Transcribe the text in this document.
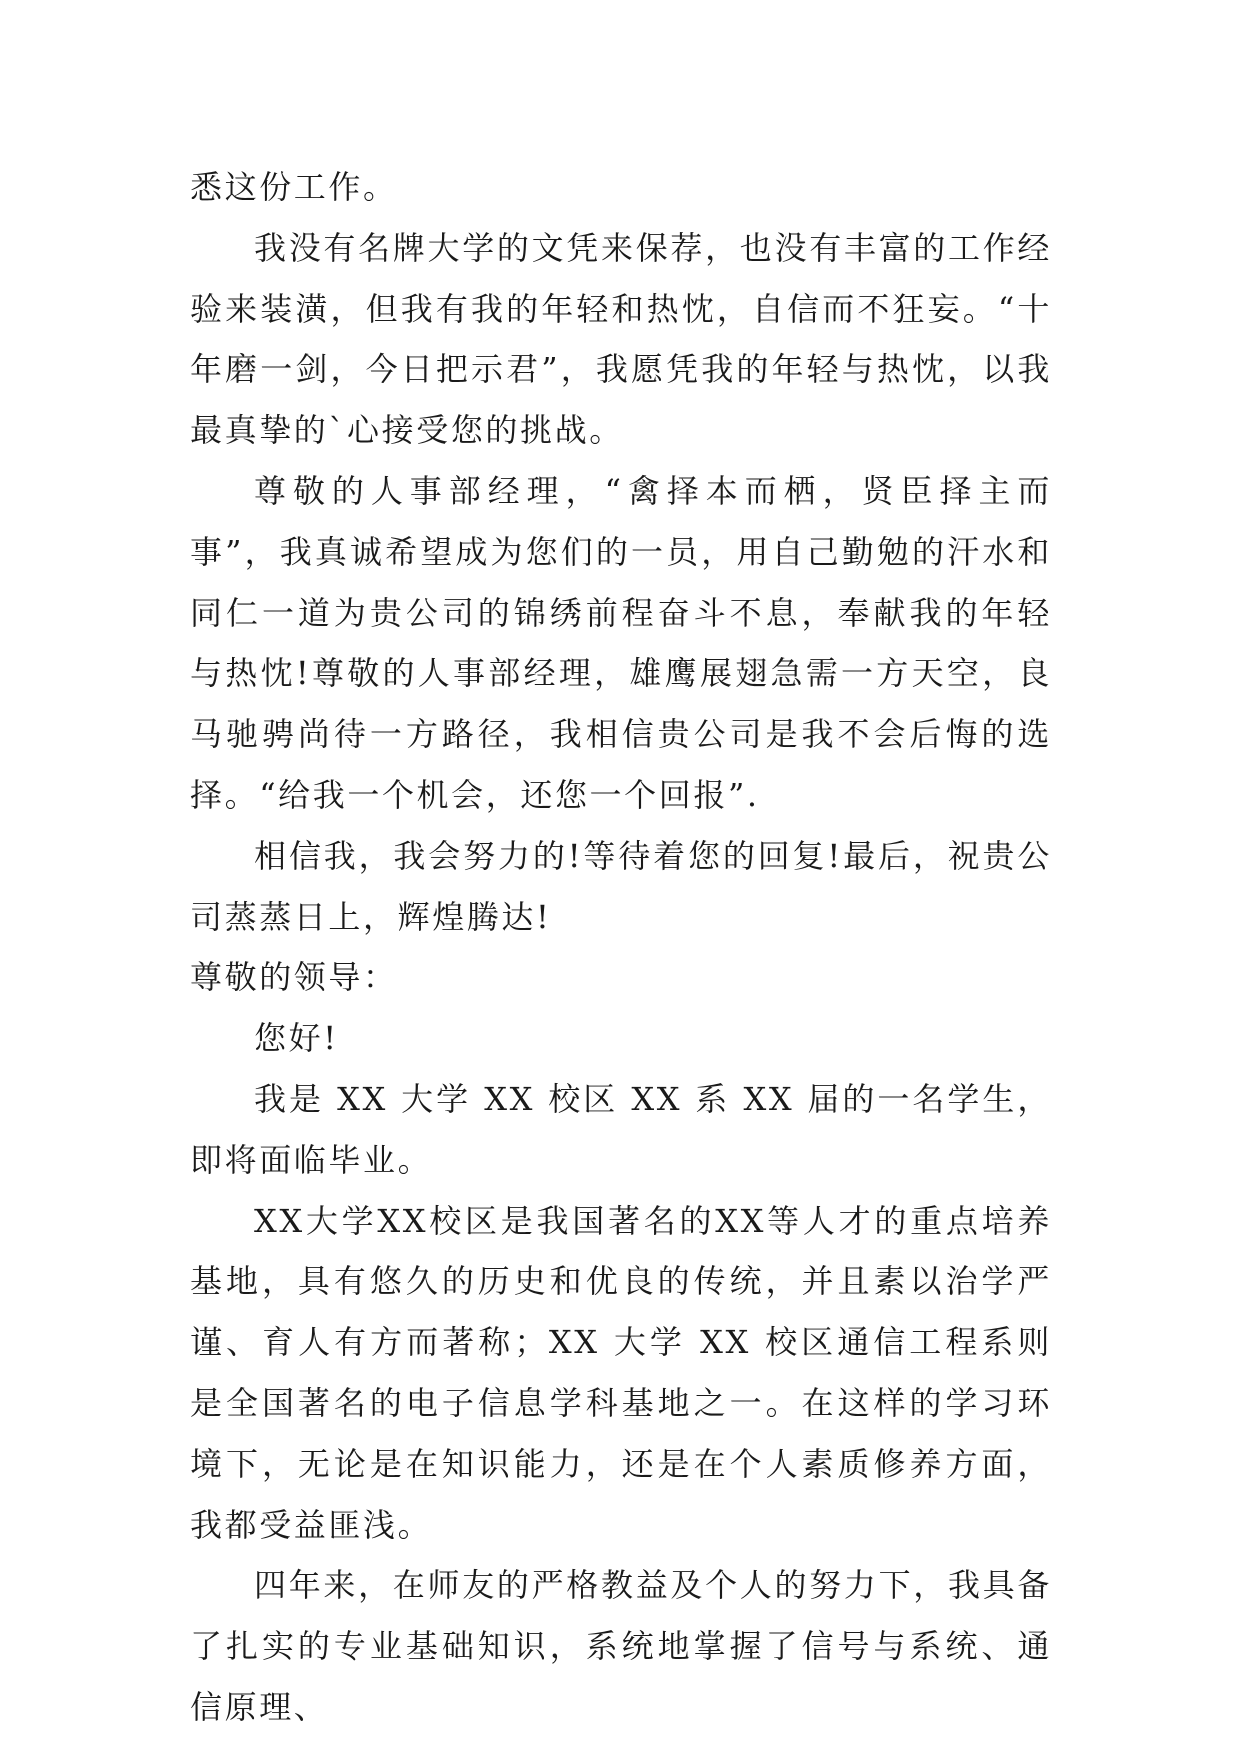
悉这份工作。

我没有名牌大学的文凭来保荐，也没有丰富的工作经验来装潢，但我有我的年轻和热忱，自信而不狂妄。“十年磨一剑，今日把示君”，我愿凭我的年轻与热忱，以我最真挚的`心接受您的挑战。

尊敬的人事部经理，“禽择本而栖，贤臣择主而事”，我真诚希望成为您们的一员，用自己勤勉的汗水和同仁一道为贵公司的锦绣前程奋斗不息，奉献我的年轻与热忱!尊敬的人事部经理，雄鹰展翅急需一方天空，良马驰骋尚待一方路径，我相信贵公司是我不会后悔的选择。“给我一个机会，还您一个回报”.

相信我，我会努力的!等待着您的回复!最后，祝贵公司蒸蒸日上，辉煌腾达!

尊敬的领导：

您好!

我是 XX 大学 XX 校区 XX 系 XX 届的一名学生，即将面临毕业。

XX大学XX校区是我国著名的XX等人才的重点培养基地，具有悠久的历史和优良的传统，并且素以治学严谨、育人有方而著称；XX 大学 XX 校区通信工程系则是全国著名的电子信息学科基地之一。在这样的学习环境下，无论是在知识能力，还是在个人素质修养方面，我都受益匪浅。

四年来，在师友的严格教益及个人的努力下，我具备了扎实的专业基础知识，系统地掌握了信号与系统、通信原理、
